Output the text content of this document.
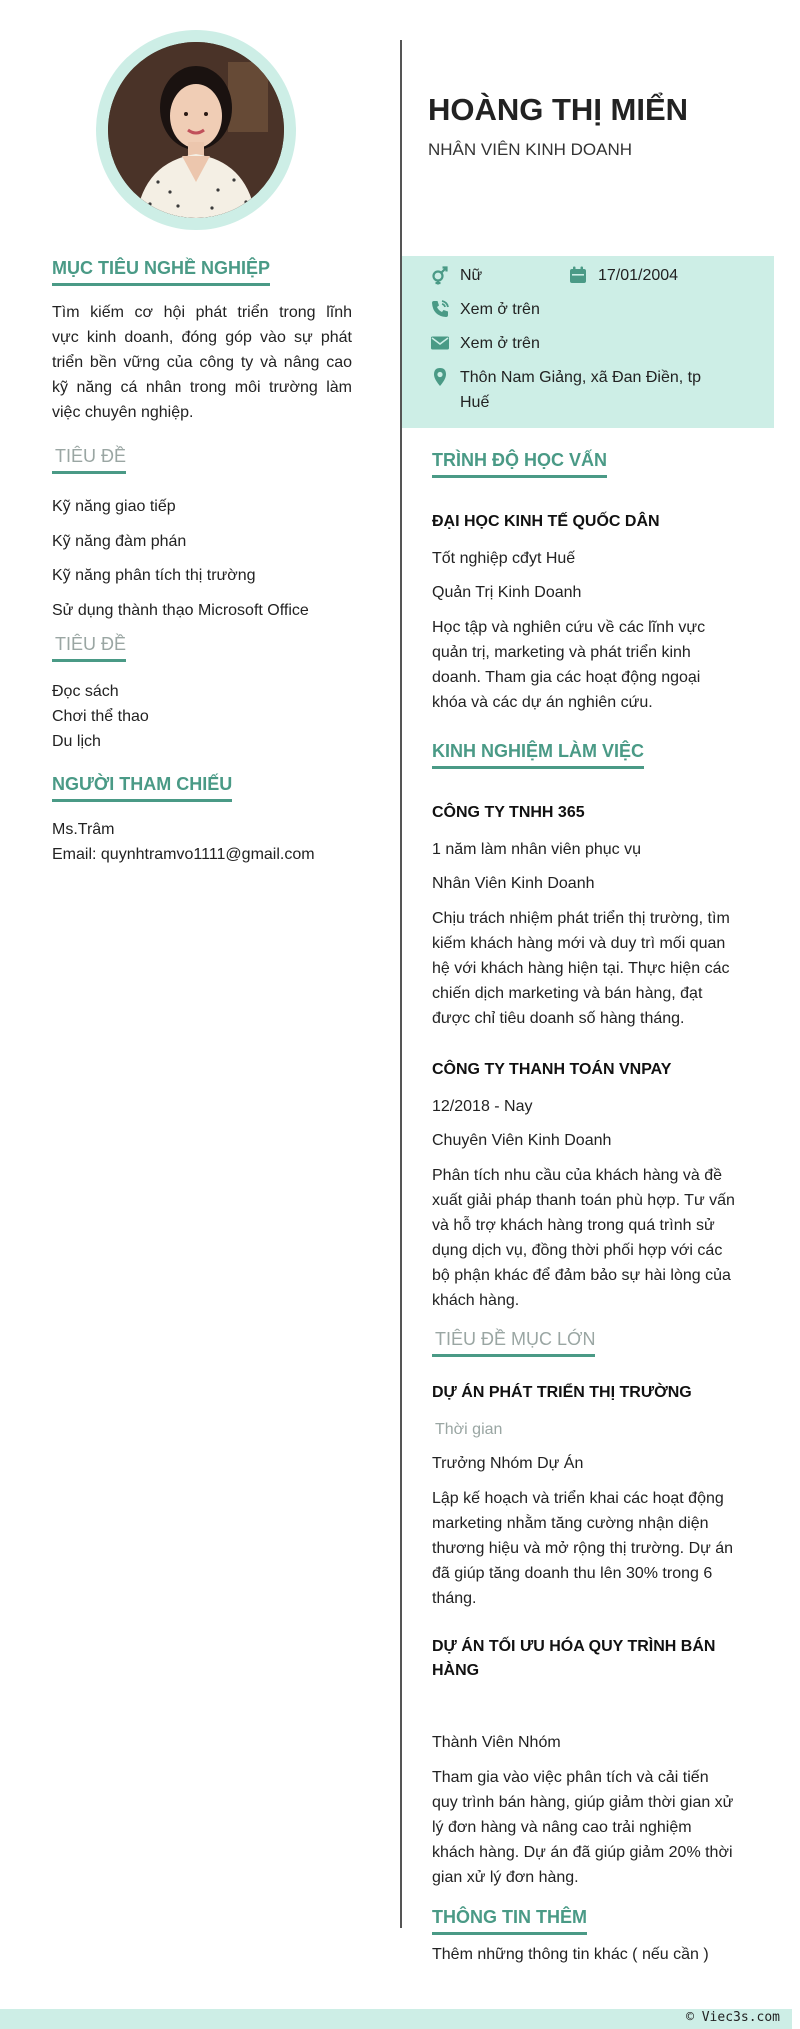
MỤC TIÊU NGHỀ NGHIỆP
Tìm kiếm cơ hội phát triển trong lĩnh
vực kinh doanh, đóng góp vào sự phát
triển bền vững của công ty và nâng cao
kỹ năng cá nhân trong môi trường làm
việc chuyên nghiệp.
TIÊU ĐỀ
Kỹ năng giao tiếp
Kỹ năng đàm phán
Kỹ năng phân tích thị trường
Sử dụng thành thạo Microsoft Office
TIÊU ĐỀ
Đọc sách
Chơi thể thao
Du lịch
NGƯỜI THAM CHIẾU
Ms.Trâm
Email: quynhtramvo1111@gmail.com
HOÀNG THỊ MIỂN
NHÂN VIÊN KINH DOANH
Nữ	17/01/2004
Xem ở trên
Xem ở trên
Thôn Nam Giảng, xã Đan Điền, tp
Huế
TRÌNH ĐỘ HỌC VẤN
ĐẠI HỌC KINH TẾ QUỐC DÂN
Tốt nghiệp cđyt Huế
Quản Trị Kinh Doanh
Học tập và nghiên cứu về các lĩnh vực
quản trị, marketing và phát triển kinh
doanh. Tham gia các hoạt động ngoại
khóa và các dự án nghiên cứu.
KINH NGHIỆM LÀM VIỆC
CÔNG TY TNHH 365
1 năm làm nhân viên phục vụ
Nhân Viên Kinh Doanh
Chịu trách nhiệm phát triển thị trường, tìm
kiếm khách hàng mới và duy trì mối quan
hệ với khách hàng hiện tại. Thực hiện các
chiến dịch marketing và bán hàng, đạt
được chỉ tiêu doanh số hàng tháng.
CÔNG TY THANH TOÁN VNPAY
12/2018 - Nay
Chuyên Viên Kinh Doanh
Phân tích nhu cầu của khách hàng và đề
xuất giải pháp thanh toán phù hợp. Tư vấn
và hỗ trợ khách hàng trong quá trình sử
dụng dịch vụ, đồng thời phối hợp với các
bộ phận khác để đảm bảo sự hài lòng của
khách hàng.
TIÊU ĐỀ MỤC LỚN
DỰ ÁN PHÁT TRIỂN THỊ TRƯỜNG
Thời gian
Trưởng Nhóm Dự Án
Lập kế hoạch và triển khai các hoạt động
marketing nhằm tăng cường nhận diện
thương hiệu và mở rộng thị trường. Dự án
đã giúp tăng doanh thu lên 30% trong 6
tháng.
DỰ ÁN TỐI ƯU HÓA QUY TRÌNH BÁN
HÀNG
Thành Viên Nhóm
Tham gia vào việc phân tích và cải tiến
quy trình bán hàng, giúp giảm thời gian xử
lý đơn hàng và nâng cao trải nghiệm
khách hàng. Dự án đã giúp giảm 20% thời
gian xử lý đơn hàng.
THÔNG TIN THÊM
Thêm những thông tin khác ( nếu cần )
© Viec3s.com
